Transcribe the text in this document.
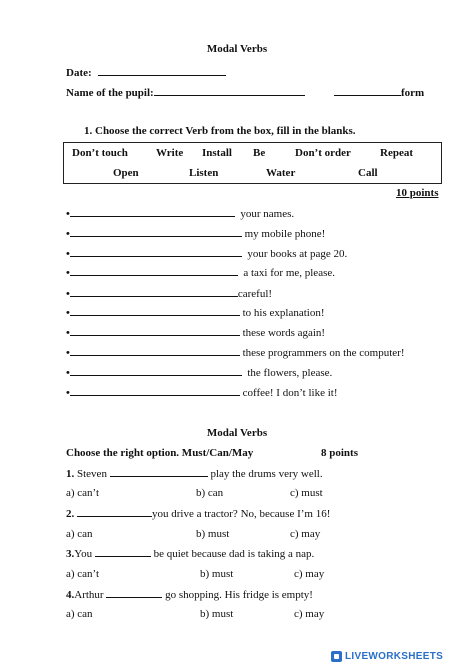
Modal Verbs
Date:
Name of the pupil:	form
1. Choose the correct Verb from the box, fill in the blanks.
Don’t touch	Write Install Be	Don’t order	Repeat
Open	Listen	Water	Call
10 points
•	your names.
•	my mobile phone!
•	your books at page 20.
•	a taxi for me, please.
•	careful!
•	to his explanation!
•	these words again!
•	these programmers on the computer!
•	the flowers, please.
•	coffee! I don’t like it!
Modal Verbs
Choose the right option. Must/Can/May	8 points
1. Steven	play the drums very well.
a) can’t	b) can	c) must
2.	you drive a tractor? No, because I’m 16!
a) can	b) must	c) may
3.You	be quiet because dad is taking a nap.
a) can’t	b) must	c) may
4.Arthur	go shopping. His fridge is empty!
a) can	b) must	c) may
LIVEWORKSHEETS
